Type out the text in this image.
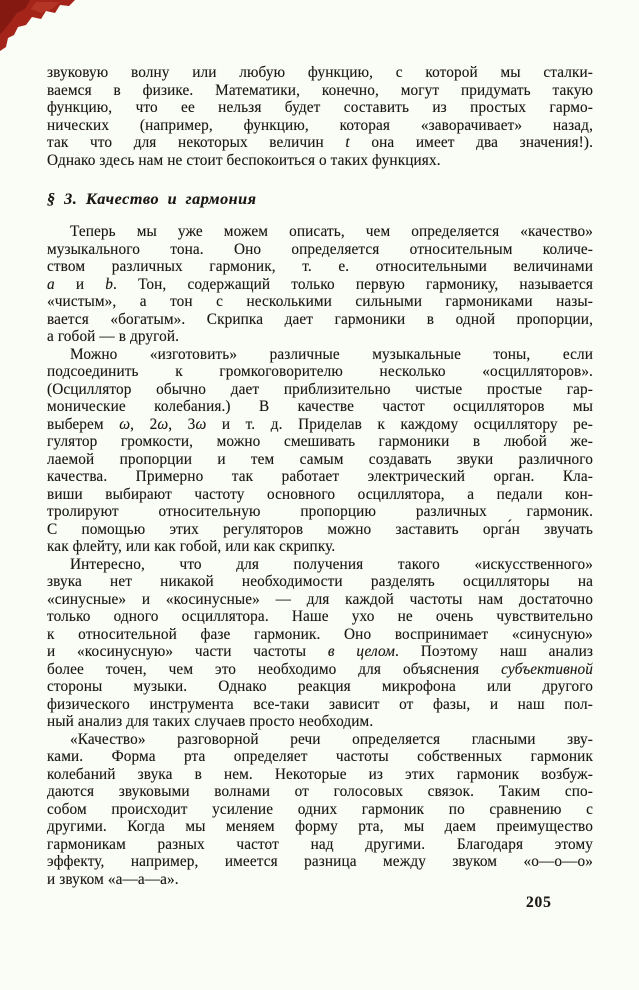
звуковую волну или любую функцию, с которой мы сталки-
ваемся в физике. Математики, конечно, могут придумать такую
функцию, что ее нельзя будет составить из простых гармо-
нических (например, функцию, которая «заворачивает» назад,
так что для некоторых величин t она имеет два значения!).
Однако здесь нам не стоит беспокоиться о таких функциях.
§ 3. Качество и гармония
Теперь мы уже можем описать, чем определяется «качество»
музыкального тона. Оно определяется относительным количе-
ством различных гармоник, т. е. относительными величинами
a и b. Тон, содержащий только первую гармонику, называется
«чистым», а тон с несколькими сильными гармониками назы-
вается «богатым». Скрипка дает гармоники в одной пропорции,
а гобой — в другой.
Можно «изготовить» различные музыкальные тоны, если
подсоединить к громкоговорителю несколько «осцилляторов».
(Осциллятор обычно дает приблизительно чистые простые гар-
монические колебания.) В качестве частот осцилляторов мы
выберем ω, 2ω, 3ω и т. д. Приделав к каждому осциллятору ре-
гулятор громкости, можно смешивать гармоники в любой же-
лаемой пропорции и тем самым создавать звуки различного
качества. Примерно так работает электрический орга́н. Кла-
виши выбирают частоту основного осциллятора, а педали кон-
тролируют относительную пропорцию различных гармоник.
С помощью этих регуляторов можно заставить орга́н звучать
как флейту, или как гобой, или как скрипку.
Интересно, что для получения такого «искусственного»
звука нет никакой необходимости разделять осцилляторы на
«синусные» и «косинусные» — для каждой частоты нам достаточно
только одного осциллятора. Наше ухо не очень чувствительно
к относительной фазе гармоник. Оно воспринимает «синусную»
и «косинусную» части частоты в целом. Поэтому наш анализ
более точен, чем это необходимо для объяснения субъективной
стороны музыки. Однако реакция микрофона или другого
физического инструмента все-таки зависит от фазы, и наш пол-
ный анализ для таких случаев просто необходим.
«Качество» разговорной речи определяется гласными зву-
ками. Форма рта определяет частоты собственных гармоник
колебаний звука в нем. Некоторые из этих гармоник возбуж-
даются звуковыми волнами от голосовых связок. Таким спо-
собом происходит усиление одних гармоник по сравнению с
другими. Когда мы меняем форму рта, мы даем преимущество
гармоникам разных частот над другими. Благодаря этому
эффекту, например, имеется разница между звуком «о—о—о»
и звуком «а—а—а».
205
